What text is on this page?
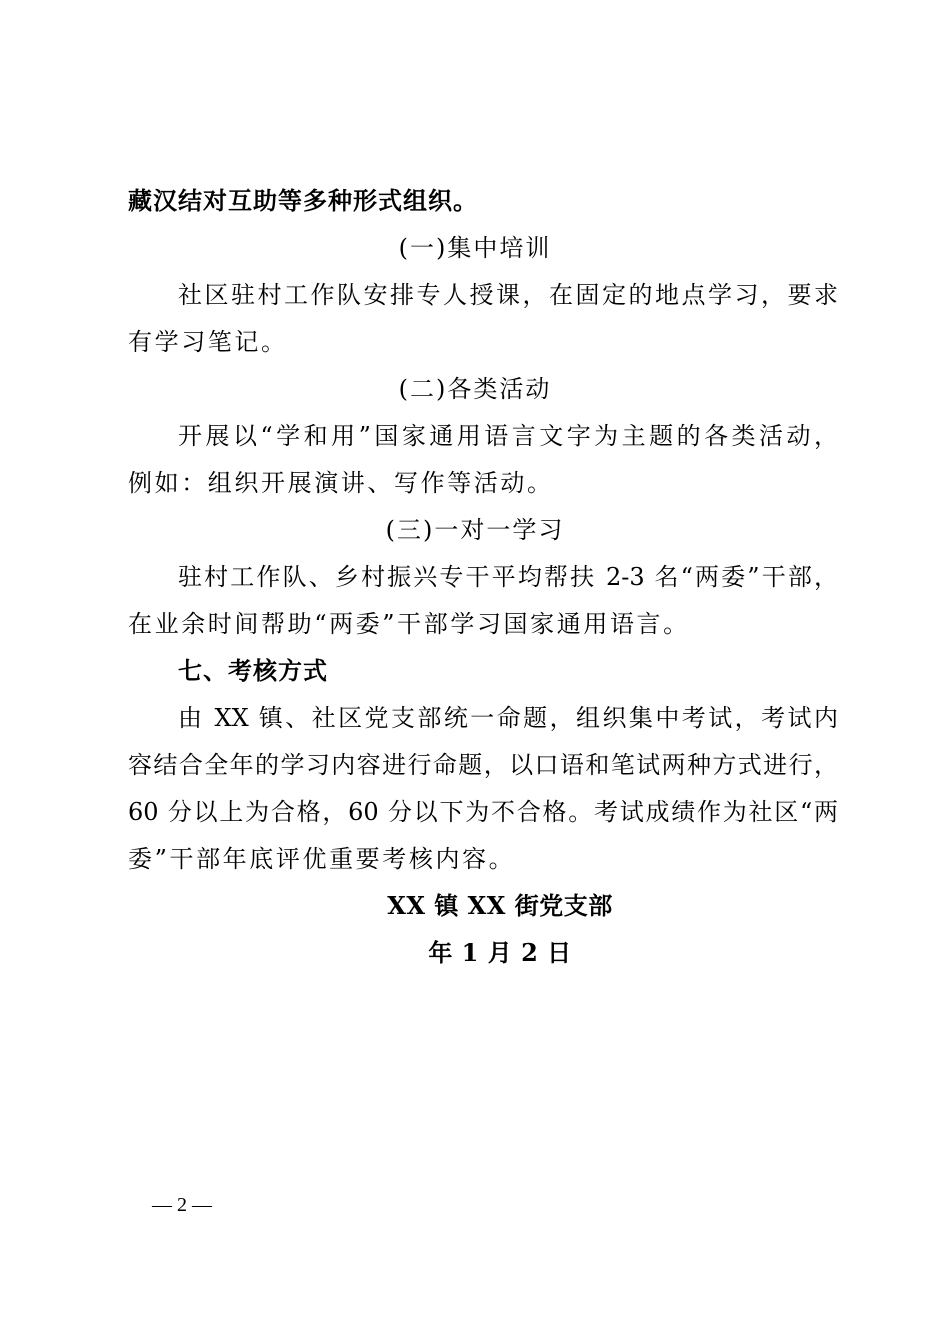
藏汉结对互助等多种形式组织。
(一)集中培训
社区驻村工作队安排专人授课，在固定的地点学习，要求
有学习笔记。
(二)各类活动
开展以“学和用”国家通用语言文字为主题的各类活动，
例如：组织开展演讲、写作等活动。
(三)一对一学习
驻村工作队、乡村振兴专干平均帮扶 2-3 名“两委”干部，
在业余时间帮助“两委”干部学习国家通用语言。
七、考核方式
由 XX 镇、社区党支部统一命题，组织集中考试，考试内
容结合全年的学习内容进行命题，以口语和笔试两种方式进行，
60 分以上为合格，60 分以下为不合格。考试成绩作为社区“两
委”干部年底评优重要考核内容。
XX 镇 XX 街党支部
年 1 月 2 日
— 2 —
